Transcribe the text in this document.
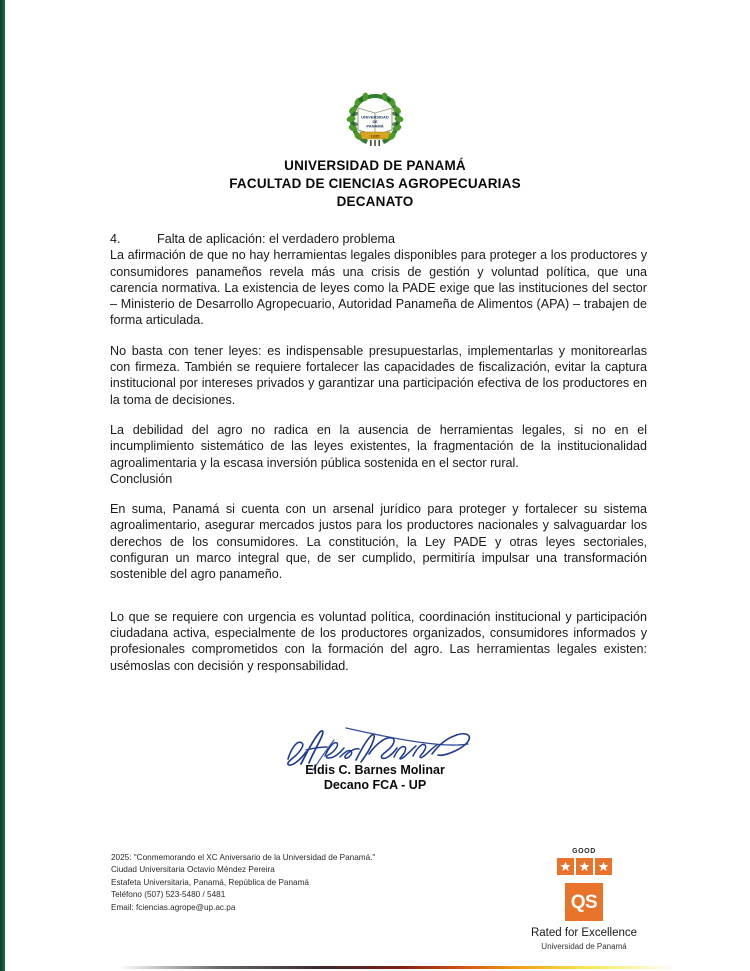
UNIVERSIDAD
DE
PANAMÁ
1935
UNIVERSIDAD DE PANAMÁ
FACULTAD DE CIENCIAS AGROPECUARIAS
DECANATO
4.	Falta de aplicación: el verdadero problema

La afirmación de que no hay herramientas legales disponibles para proteger a los productores y consumidores panameños revela más una crisis de gestión y voluntad política, que una carencia normativa. La existencia de leyes como la PADE exige que las instituciones del sector – Ministerio de Desarrollo Agropecuario, Autoridad Panameña de Alimentos (APA) – trabajen de forma articulada.

No basta con tener leyes: es indispensable presupuestarlas, implementarlas y monitorearlas con firmeza. También se requiere fortalecer las capacidades de fiscalización, evitar la captura institucional por intereses privados y garantizar una participación efectiva de los productores en la toma de decisiones.

La debilidad del agro no radica en la ausencia de herramientas legales, si no en el incumplimiento sistemático de las leyes existentes, la fragmentación de la institucionalidad agroalimentaria y la escasa inversión pública sostenida en el sector rural.

Conclusión

En suma, Panamá si cuenta con un arsenal jurídico para proteger y fortalecer su sistema agroalimentario, asegurar mercados justos para los productores nacionales y salvaguardar los derechos de los consumidores. La constitución, la Ley PADE y otras leyes sectoriales, configuran un marco integral que, de ser cumplido, permitiría impulsar una transformación sostenible del agro panameño.

Lo que se requiere con urgencia es voluntad política, coordinación institucional y participación ciudadana activa, especialmente de los productores organizados, consumidores informados y profesionales comprometidos con la formación del agro. Las herramientas legales existen: usémoslas con decisión y responsabilidad.

Eldis C. Barnes Molinar
Decano FCA - UP
2025: "Conmemorando el XC Aniversario de la Universidad de Panamá."
Ciudad Universitaria Octavio Méndez Pereira
Estafeta Universitaria, Panamá, República de Panamá
Teléfono (507) 523-5480 / 5481
Email: fciencias.agrope@up.ac.pa
GOOD
QS
Rated for Excellence
Universidad de Panamá
